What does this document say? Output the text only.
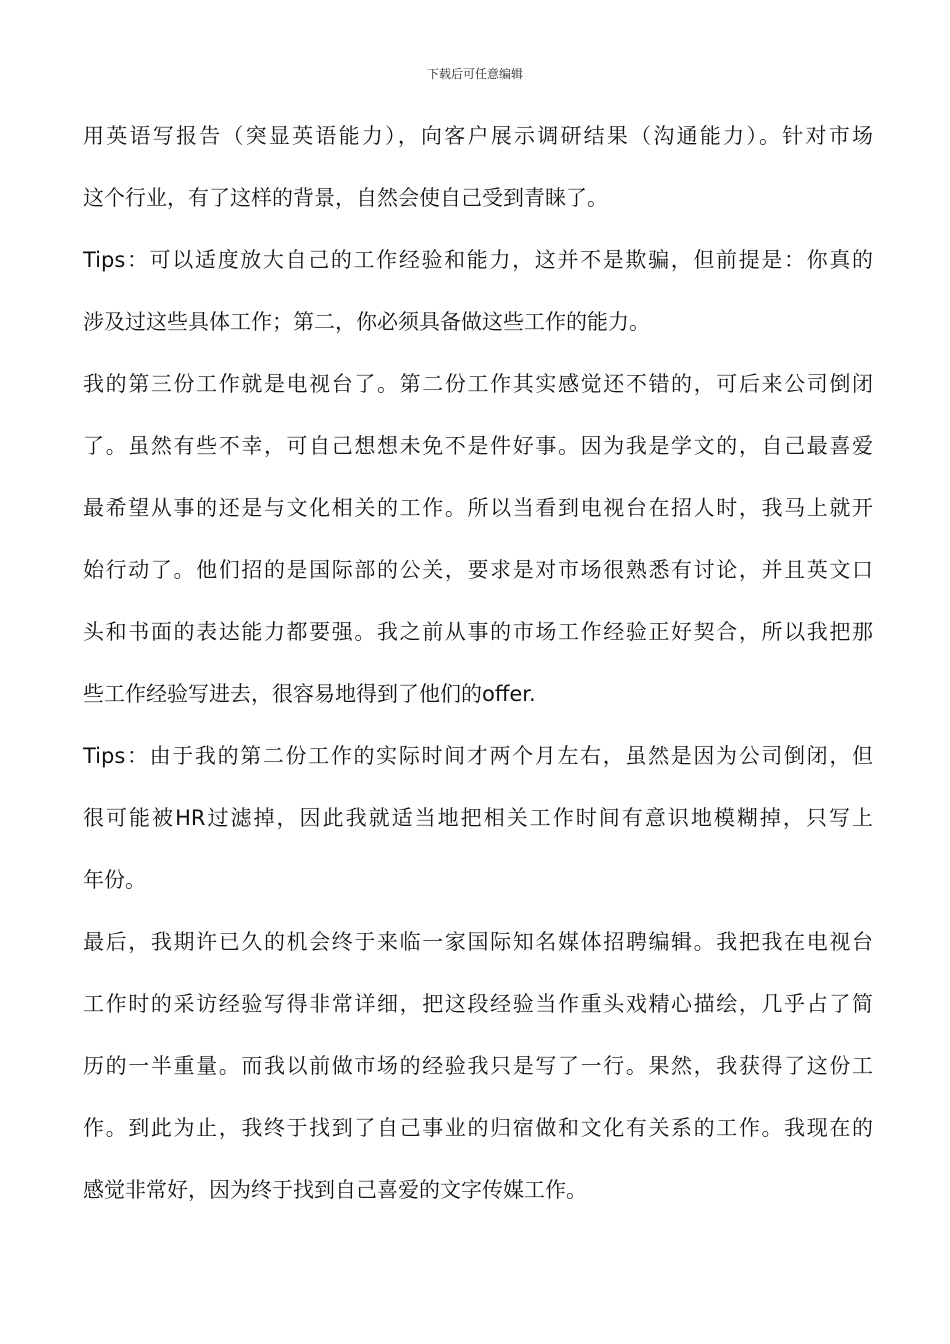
下载后可任意编辑
用英语写报告（突显英语能力），向客户展示调研结果（沟通能力）。针对市场
这个行业，有了这样的背景，自然会使自己受到青睐了。
Tips：可以适度放大自己的工作经验和能力，这并不是欺骗，但前提是：你真的
涉及过这些具体工作；第二，你必须具备做这些工作的能力。
我的第三份工作就是电视台了。第二份工作其实感觉还不错的，可后来公司倒闭
了。虽然有些不幸，可自己想想未免不是件好事。因为我是学文的，自己最喜爱
最希望从事的还是与文化相关的工作。所以当看到电视台在招人时，我马上就开
始行动了。他们招的是国际部的公关，要求是对市场很熟悉有讨论，并且英文口
头和书面的表达能力都要强。我之前从事的市场工作经验正好契合，所以我把那
些工作经验写进去，很容易地得到了他们的offer.
Tips：由于我的第二份工作的实际时间才两个月左右，虽然是因为公司倒闭，但
很可能被HR过滤掉，因此我就适当地把相关工作时间有意识地模糊掉，只写上
年份。
最后，我期许已久的机会终于来临一家国际知名媒体招聘编辑。我把我在电视台
工作时的采访经验写得非常详细，把这段经验当作重头戏精心描绘，几乎占了简
历的一半重量。而我以前做市场的经验我只是写了一行。果然，我获得了这份工
作。到此为止，我终于找到了自己事业的归宿做和文化有关系的工作。我现在的
感觉非常好，因为终于找到自己喜爱的文字传媒工作。
